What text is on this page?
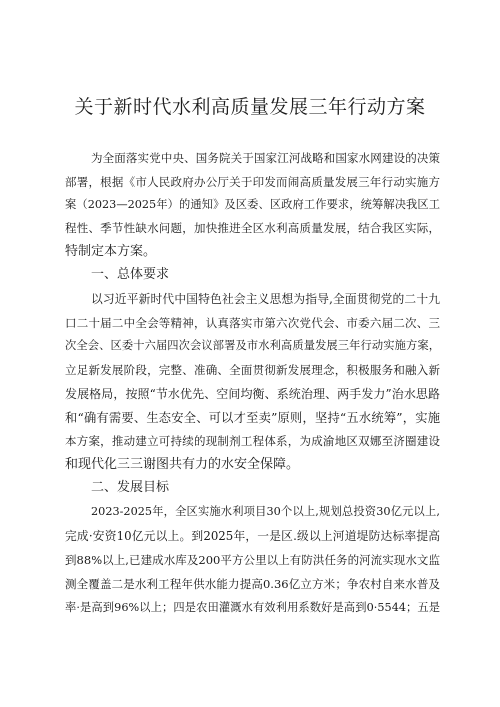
关于新时代水利高质量发展三年行动方案
为全面落实党中央、国务院关于国家江河战略和国家水网建设的决策
部署，根据《市人民政府办公厅关于印发而闹高质量发展三年行动实施方
案（2023—2025年）的通知》及区委、区政府工作要求，统筹解决我区工
程性、季节性缺水问题，加快推进全区水利高质量发展，结合我区实际，
特制定本方案。
一、总体要求
以习近平新时代中国特色社会主义思想为指导,全面贯彻党的二十九
口二十届二中全会等精神，认真落实市第六次党代会、市委六届二次、三
次全会、区委十六届四次会议部署及市水利高质量发展三年行动实施方案，
立足新发展阶段，完整、准确、全面贯彻新发展理念，积极服务和融入新
发展格局，按照“节水优先、空间均衡、系统治理、两手发力”治水思路
和“确有需要、生态安全、可以才至卖”原则，坚持“五水统筹”，实施
本方案，推动建立可持续的现制剂工程体系，为成渝地区双娜至济圈建设
和现代化三三谢图共有力的水安全保障。
二、发展目标
2023-2025年，全区实施水利项目30个以上,规划总投资30亿元以上,
完成·安资10亿元以上。到2025年，一是区.级以上河道堤防达标率提高
到88%以上,已建成水库及200平方公里以上有防洪任务的河流实现水文监
测全覆盖二是水利工程年供水能力提高0.36亿立方米；争农村自来水普及
率·是高到96%以上；四是农田灌溉水有效利用系数好是高到0·5544；五是
